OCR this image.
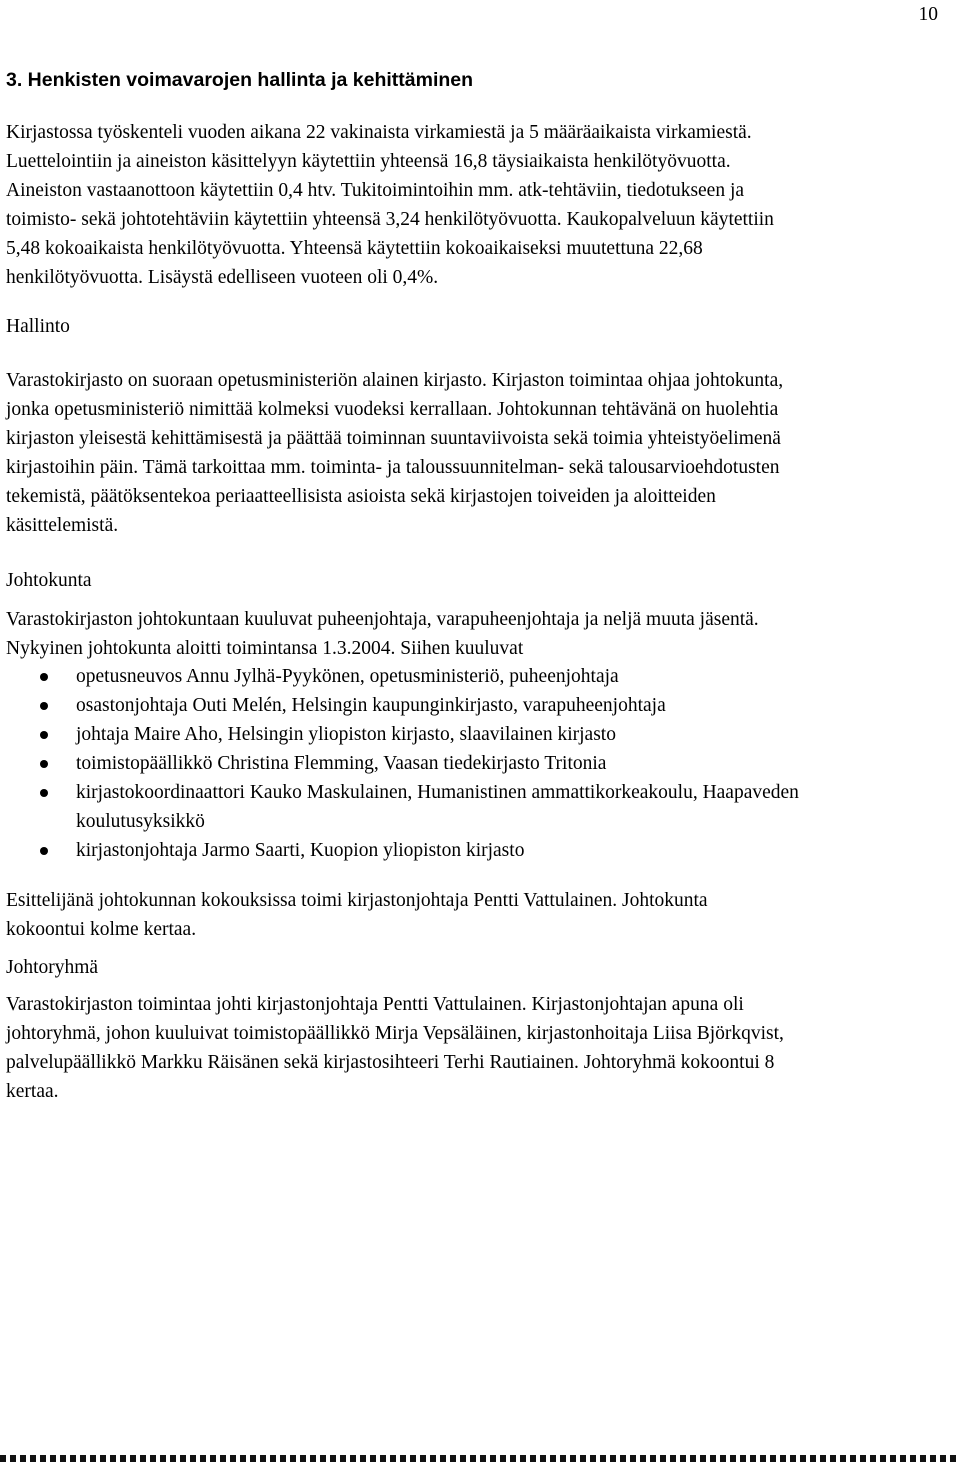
10
3. Henkisten voimavarojen hallinta ja kehittäminen
Kirjastossa työskenteli vuoden aikana 22 vakinaista virkamiestä ja 5 määräaikaista virkamiestä.
Luettelointiin ja aineiston käsittelyyn käytettiin yhteensä 16,8 täysiaikaista henkilötyövuotta.
Aineiston vastaanottoon käytettiin 0,4 htv. Tukitoimintoihin mm. atk-tehtäviin, tiedotukseen ja
toimisto- sekä johtotehtäviin käytettiin yhteensä 3,24 henkilötyövuotta. Kaukopalveluun käytettiin
5,48 kokoaikaista henkilötyövuotta. Yhteensä käytettiin kokoaikaiseksi muutettuna 22,68
henkilötyövuotta. Lisäystä edelliseen vuoteen oli 0,4%.
Hallinto
Varastokirjasto on suoraan opetusministeriön alainen kirjasto. Kirjaston toimintaa ohjaa johtokunta,
jonka opetusministeriö nimittää kolmeksi vuodeksi kerrallaan. Johtokunnan tehtävänä on huolehtia
kirjaston yleisestä kehittämisestä ja päättää toiminnan suuntaviivoista sekä toimia yhteistyöelimenä
kirjastoihin päin. Tämä tarkoittaa mm. toiminta- ja taloussuunnitelman- sekä talousarvioehdotusten
tekemistä, päätöksentekoa periaatteellisista asioista sekä kirjastojen toiveiden ja aloitteiden
käsittelemistä.
Johtokunta
Varastokirjaston johtokuntaan kuuluvat puheenjohtaja, varapuheenjohtaja ja neljä muuta jäsentä.
Nykyinen johtokunta aloitti toimintansa 1.3.2004. Siihen kuuluvat
opetusneuvos Annu Jylhä-Pyykönen, opetusministeriö, puheenjohtaja
osastonjohtaja Outi Melén, Helsingin kaupunginkirjasto, varapuheenjohtaja
johtaja Maire Aho, Helsingin yliopiston kirjasto, slaavilainen kirjasto
toimistopäällikkö Christina Flemming, Vaasan tiedekirjasto Tritonia
kirjastokoordinaattori Kauko Maskulainen, Humanistinen ammattikorkeakoulu, Haapaveden
koulutusyksikkö
kirjastonjohtaja Jarmo Saarti, Kuopion yliopiston kirjasto
Esittelijänä johtokunnan kokouksissa toimi kirjastonjohtaja Pentti Vattulainen. Johtokunta
kokoontui kolme kertaa.
Johtoryhmä
Varastokirjaston toimintaa johti kirjastonjohtaja Pentti Vattulainen. Kirjastonjohtajan apuna oli
johtoryhmä, johon kuuluivat toimistopäällikkö Mirja Vepsäläinen, kirjastonhoitaja Liisa Björkqvist,
palvelupäällikkö Markku Räisänen sekä kirjastosihteeri Terhi Rautiainen. Johtoryhmä kokoontui 8
kertaa.
